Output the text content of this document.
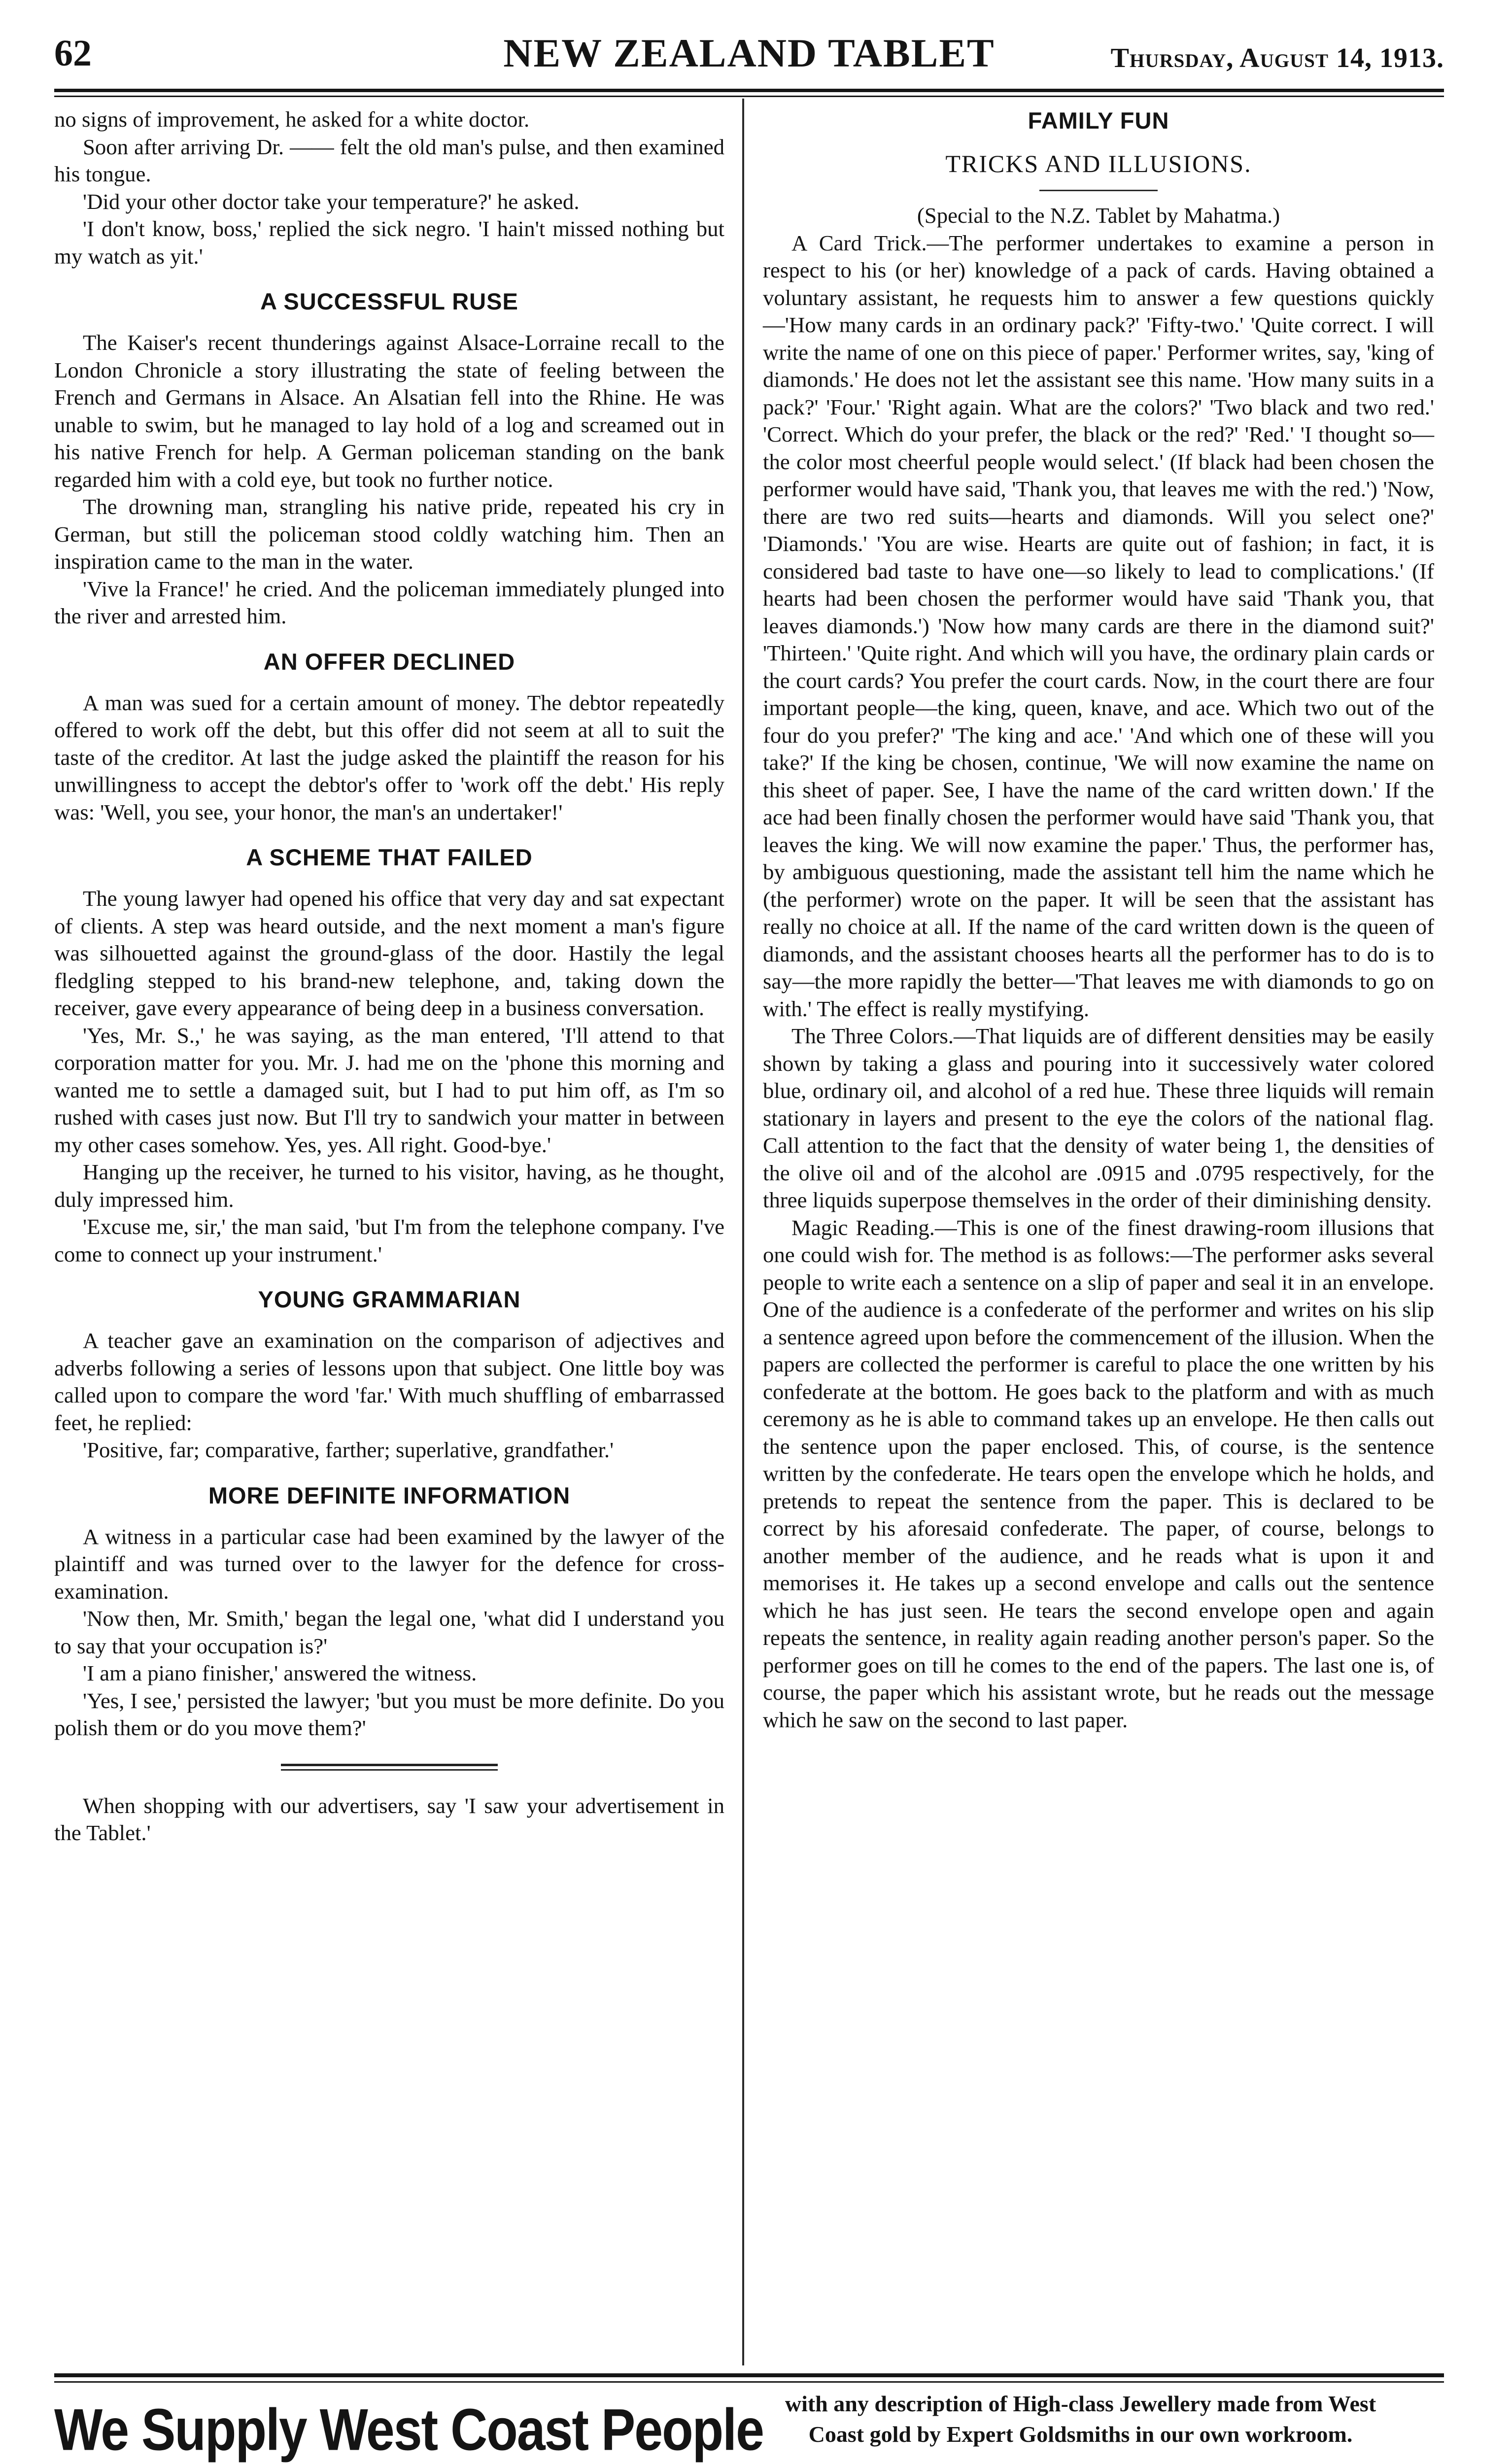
62	NEW ZEALAND TABLET	Thursday, August 14, 1913.

no signs of improvement, he asked for a white doctor.

Soon after arriving Dr. —— felt the old man's pulse, and then examined his tongue.

'Did your other doctor take your temperature?' he asked.

'I don't know, boss,' replied the sick negro. 'I hain't missed nothing but my watch as yit.'

A SUCCESSFUL RUSE

The Kaiser's recent thunderings against Alsace-Lorraine recall to the London Chronicle a story illustrating the state of feeling between the French and Germans in Alsace. An Alsatian fell into the Rhine. He was unable to swim, but he managed to lay hold of a log and screamed out in his native French for help. A German policeman standing on the bank regarded him with a cold eye, but took no further notice.

The drowning man, strangling his native pride, repeated his cry in German, but still the policeman stood coldly watching him. Then an inspiration came to the man in the water.

'Vive la France!' he cried. And the policeman immediately plunged into the river and arrested him.

AN OFFER DECLINED

A man was sued for a certain amount of money. The debtor repeatedly offered to work off the debt, but this offer did not seem at all to suit the taste of the creditor. At last the judge asked the plaintiff the reason for his unwillingness to accept the debtor's offer to 'work off the debt.' His reply was: 'Well, you see, your honor, the man's an undertaker!'

A SCHEME THAT FAILED

The young lawyer had opened his office that very day and sat expectant of clients. A step was heard outside, and the next moment a man's figure was silhouetted against the ground-glass of the door. Hastily the legal fledgling stepped to his brand-new telephone, and, taking down the receiver, gave every appearance of being deep in a business conversation.

'Yes, Mr. S.,' he was saying, as the man entered, 'I'll attend to that corporation matter for you. Mr. J. had me on the 'phone this morning and wanted me to settle a damaged suit, but I had to put him off, as I'm so rushed with cases just now. But I'll try to sandwich your matter in between my other cases somehow. Yes, yes. All right. Good-bye.'

Hanging up the receiver, he turned to his visitor, having, as he thought, duly impressed him.

'Excuse me, sir,' the man said, 'but I'm from the telephone company. I've come to connect up your instrument.'

YOUNG GRAMMARIAN

A teacher gave an examination on the comparison of adjectives and adverbs following a series of lessons upon that subject. One little boy was called upon to compare the word 'far.' With much shuffling of embarrassed feet, he replied:

'Positive, far; comparative, farther; superlative, grandfather.'

MORE DEFINITE INFORMATION

A witness in a particular case had been examined by the lawyer of the plaintiff and was turned over to the lawyer for the defence for cross-examination.

'Now then, Mr. Smith,' began the legal one, 'what did I understand you to say that your occupation is?'

'I am a piano finisher,' answered the witness.

'Yes, I see,' persisted the lawyer; 'but you must be more definite. Do you polish them or do you move them?'

When shopping with our advertisers, say 'I saw your advertisement in the Tablet.'

FAMILY FUN
TRICKS AND ILLUSIONS.

(Special to the N.Z. Tablet by Mahatma.)

A Card Trick.—The performer undertakes to examine a person in respect to his (or her) knowledge of a pack of cards. Having obtained a voluntary assistant, he requests him to answer a few questions quickly —'How many cards in an ordinary pack?' 'Fifty-two.' 'Quite correct. I will write the name of one on this piece of paper.' Performer writes, say, 'king of diamonds.' He does not let the assistant see this name. 'How many suits in a pack?' 'Four.' 'Right again. What are the colors?' 'Two black and two red.' 'Correct. Which do your prefer, the black or the red?' 'Red.' 'I thought so—the color most cheerful people would select.' (If black had been chosen the performer would have said, 'Thank you, that leaves me with the red.') 'Now, there are two red suits—hearts and diamonds. Will you select one?' 'Diamonds.' 'You are wise. Hearts are quite out of fashion; in fact, it is considered bad taste to have one—so likely to lead to complications.' (If hearts had been chosen the performer would have said 'Thank you, that leaves diamonds.') 'Now how many cards are there in the diamond suit?' 'Thirteen.' 'Quite right. And which will you have, the ordinary plain cards or the court cards? You prefer the court cards. Now, in the court there are four important people—the king, queen, knave, and ace. Which two out of the four do you prefer?' 'The king and ace.' 'And which one of these will you take?' If the king be chosen, continue, 'We will now examine the name on this sheet of paper. See, I have the name of the card written down.' If the ace had been finally chosen the performer would have said 'Thank you, that leaves the king. We will now examine the paper.' Thus, the performer has, by ambiguous questioning, made the assistant tell him the name which he (the performer) wrote on the paper. It will be seen that the assistant has really no choice at all. If the name of the card written down is the queen of diamonds, and the assistant chooses hearts all the performer has to do is to say—the more rapidly the better—'That leaves me with diamonds to go on with.' The effect is really mystifying.

The Three Colors.—That liquids are of different densities may be easily shown by taking a glass and pouring into it successively water colored blue, ordinary oil, and alcohol of a red hue. These three liquids will remain stationary in layers and present to the eye the colors of the national flag. Call attention to the fact that the density of water being 1, the densities of the olive oil and of the alcohol are .0915 and .0795 respectively, for the three liquids superpose themselves in the order of their diminishing density.

Magic Reading.—This is one of the finest drawing-room illusions that one could wish for. The method is as follows:—The performer asks several people to write each a sentence on a slip of paper and seal it in an envelope. One of the audience is a confederate of the performer and writes on his slip a sentence agreed upon before the commencement of the illusion. When the papers are collected the performer is careful to place the one written by his confederate at the bottom. He goes back to the platform and with as much ceremony as he is able to command takes up an envelope. He then calls out the sentence upon the paper enclosed. This, of course, is the sentence written by the confederate. He tears open the envelope which he holds, and pretends to repeat the sentence from the paper. This is declared to be correct by his aforesaid confederate. The paper, of course, belongs to another member of the audience, and he reads what is upon it and memorises it. He takes up a second envelope and calls out the sentence which he has just seen. He tears the second envelope open and again repeats the sentence, in reality again reading another person's paper. So the performer goes on till he comes to the end of the papers. The last one is, of course, the paper which his assistant wrote, but he reads out the message which he saw on the second to last paper.

We Supply West Coast People with any description of High-class Jewellery made from West
Coast gold by Expert Goldsmiths in our own workroom.
